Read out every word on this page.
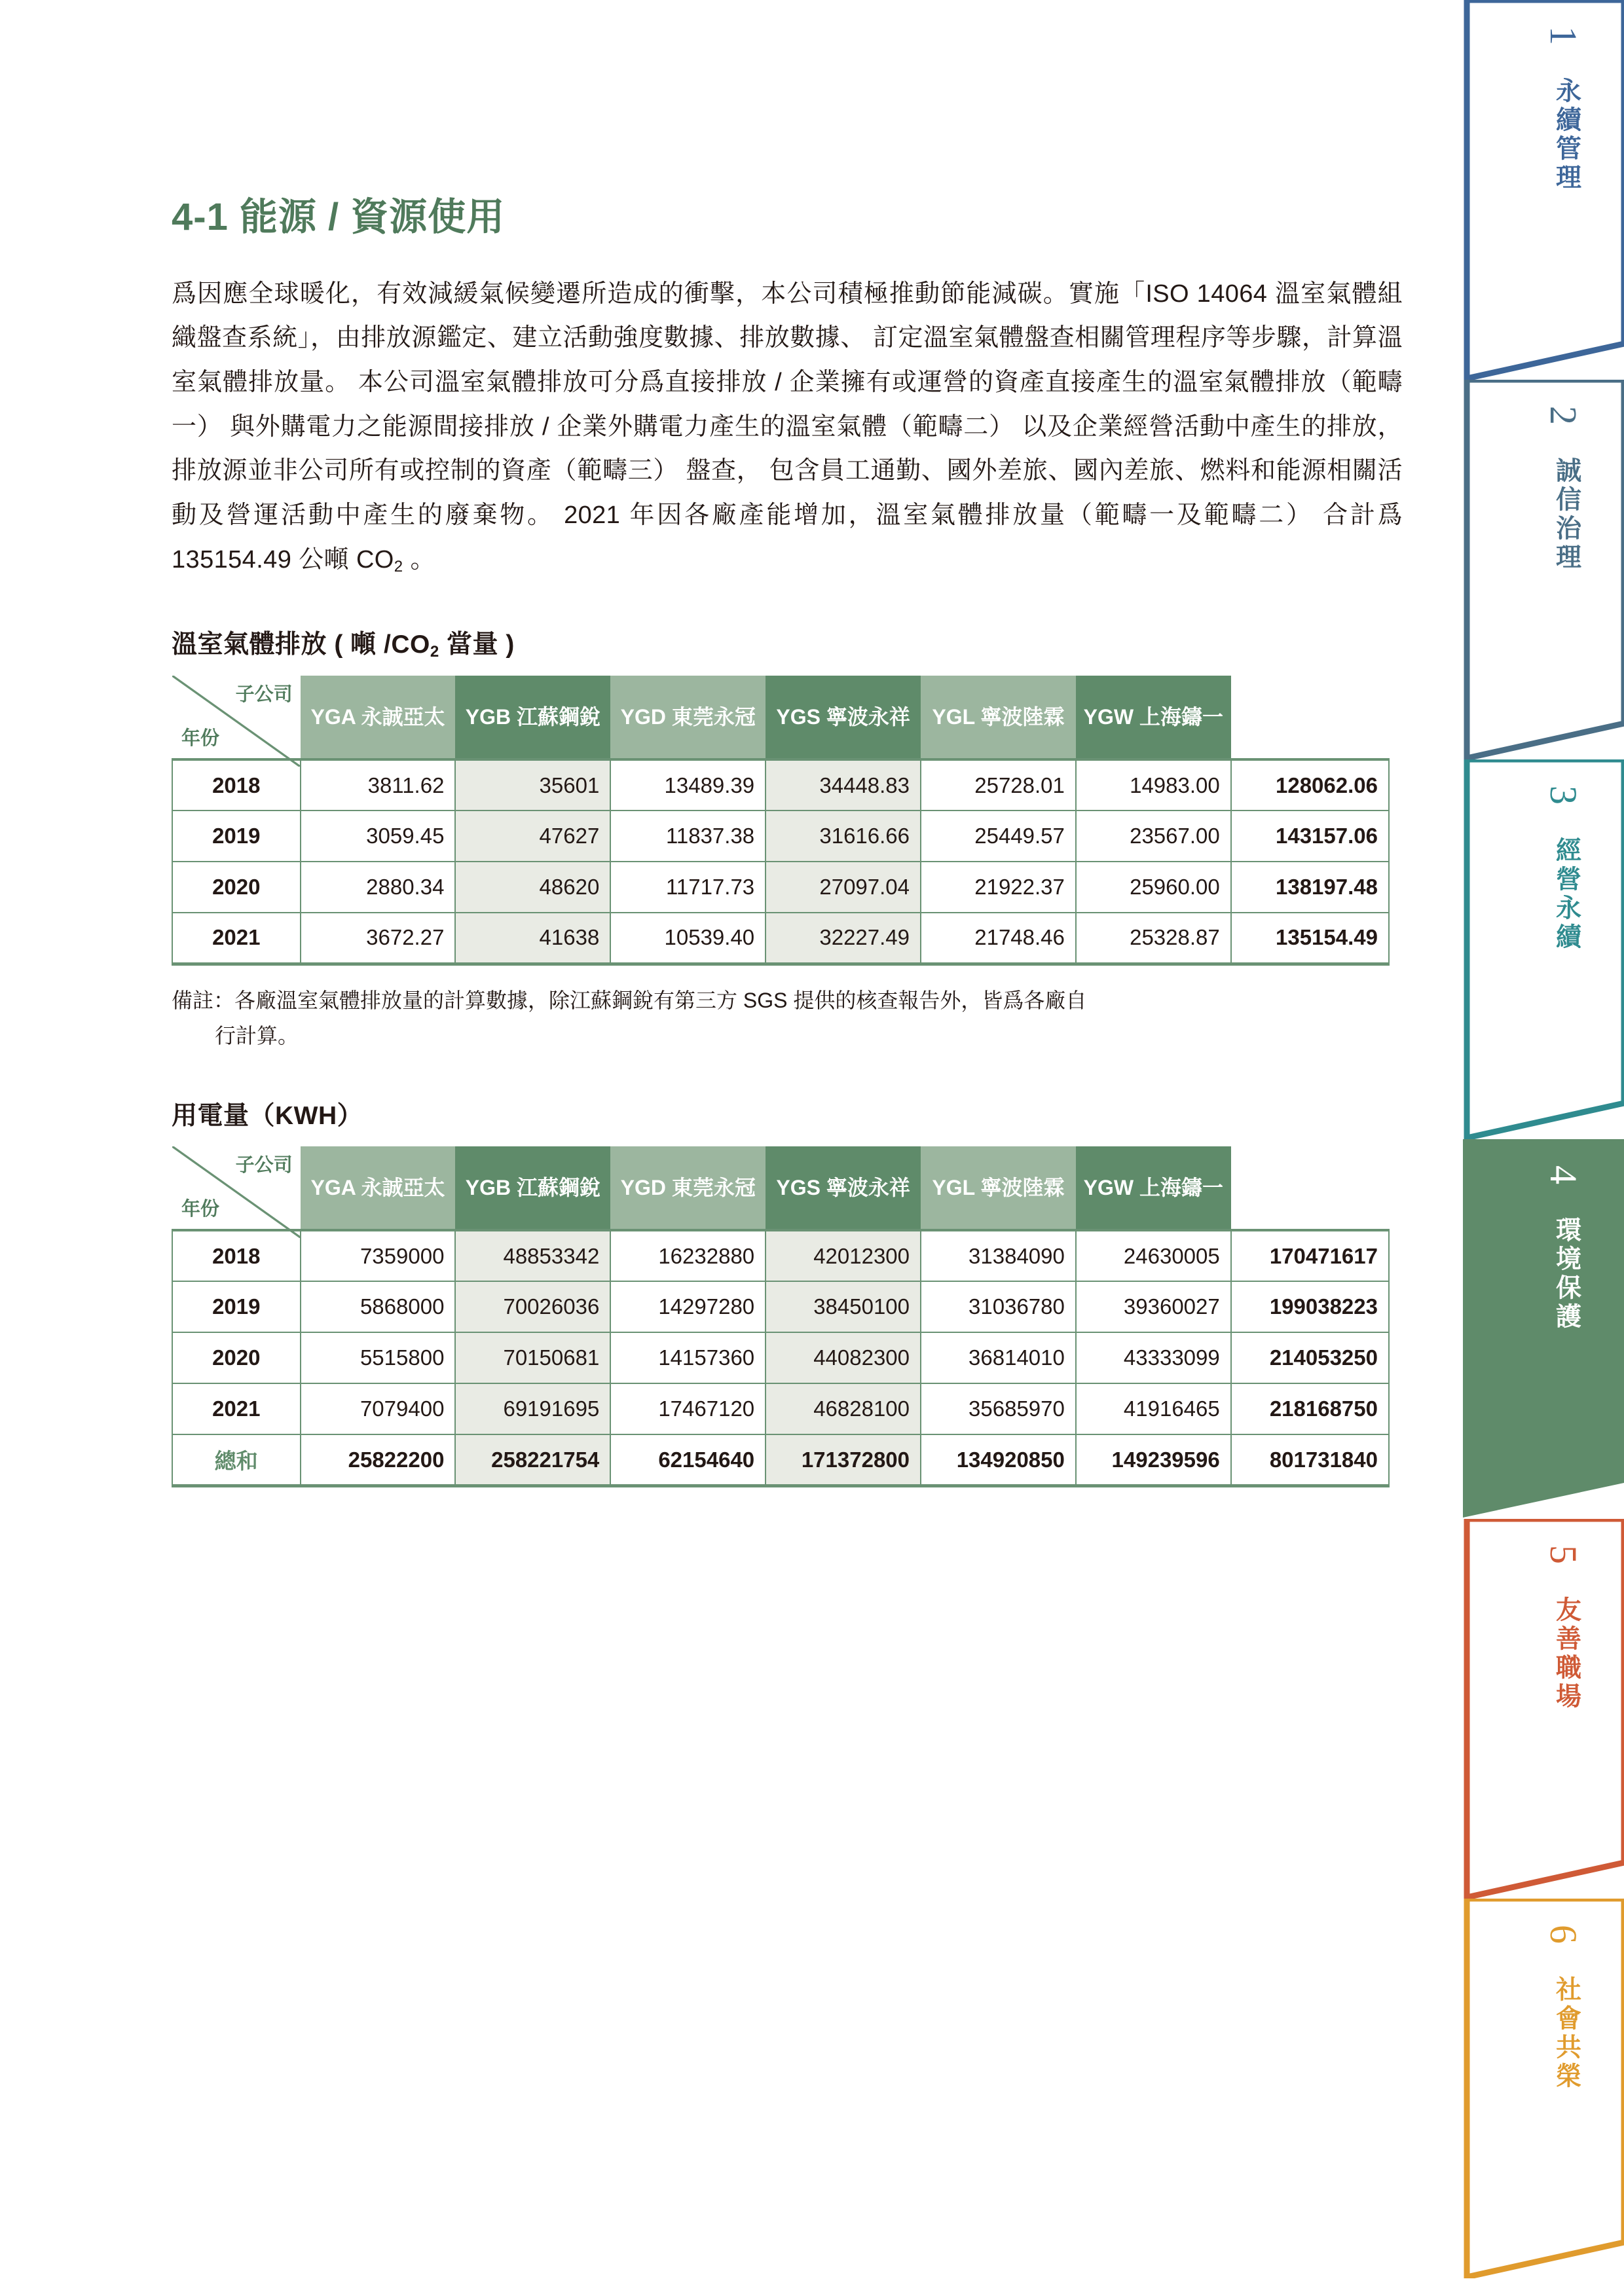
4-1 能源 / 資源使用

爲因應全球暖化，有效減緩氣候變遷所造成的衝擊，本公司積極推動節能減碳。實施「ISO 14064 溫室氣體組織盤查系統」，由排放源鑑定、建立活動強度數據、排放數據、 訂定溫室氣體盤查相關管理程序等步驟，計算溫室氣體排放量。 本公司溫室氣體排放可分爲直接排放 / 企業擁有或運營的資產直接產生的溫室氣體排放（範疇一） 與外購電力之能源間接排放 / 企業外購電力產生的溫室氣體（範疇二） 以及企業經營活動中產生的排放，排放源並非公司所有或控制的資產（範疇三） 盤查， 包含員工通勤、國外差旅、國內差旅、燃料和能源相關活動及營運活動中產生的廢棄物。 2021 年因各廠產能增加，溫室氣體排放量（範疇一及範疇二） 合計爲 135154.49 公噸 $CO_2$ 。

溫室氣體排放 ( 噸 $/CO_2$ 當量 )
子公司
年份	YGA 永誠亞太	YGB 江蘇鋼銳	YGD 東莞永冠	YGS 寧波永祥	YGL 寧波陸霖	YGW 上海鑄一	年度加總
2018	3811.62	35601	13489.39	34448.83	25728.01	14983.00	128062.06
2019	3059.45	47627	11837.38	31616.66	25449.57	23567.00	143157.06
2020	2880.34	48620	11717.73	27097.04	21922.37	25960.00	138197.48
2021	3672.27	41638	10539.40	32227.49	21748.46	25328.87	135154.49
備註：各廠溫室氣體排放量的計算數據，除江蘇鋼銳有第三方 SGS 提供的核查報告外，皆爲各廠自
行計算。
用電量（KWH）
子公司
年份	YGA 永誠亞太	YGB 江蘇鋼銳	YGD 東莞永冠	YGS 寧波永祥	YGL 寧波陸霖	YGW 上海鑄一	年度加總
2018	7359000	48853342	16232880	42012300	31384090	24630005	170471617
2019	5868000	70026036	14297280	38450100	31036780	39360027	199038223
2020	5515800	70150681	14157360	44082300	36814010	43333099	214053250
2021	7079400	69191695	17467120	46828100	35685970	41916465	218168750
總和	25822200	258221754	62154640	171372800	134920850	149239596	801731840
1
永續管理
2
誠信治理
3
經營永續
4
環境保護
5
友善職場
6
社會共榮
